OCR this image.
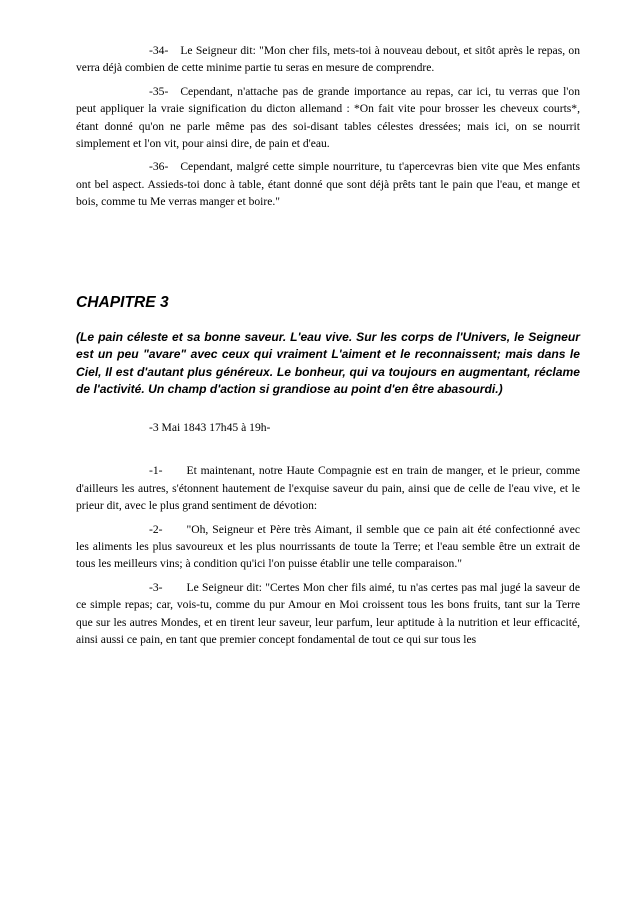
-34- Le Seigneur dit: "Mon cher fils, mets-toi à nouveau debout, et sitôt après le repas, on verra déjà combien de cette minime partie tu seras en mesure de comprendre.

-35- Cependant, n'attache pas de grande importance au repas, car ici, tu verras que l'on peut appliquer la vraie signification du dicton allemand : *On fait vite pour brosser les cheveux courts*, étant donné qu'on ne parle même pas des soi-disant tables célestes dressées; mais ici, on se nourrit simplement et l'on vit, pour ainsi dire, de pain et d'eau.

-36- Cependant, malgré cette simple nourriture, tu t'apercevras bien vite que Mes enfants ont bel aspect. Assieds-toi donc à table, étant donné que sont déjà prêts tant le pain que l'eau, et mange et bois, comme tu Me verras manger et boire."

CHAPITRE 3

(Le pain céleste et sa bonne saveur. L'eau vive. Sur les corps de l'Univers, le Seigneur est un peu "avare" avec ceux qui vraiment L'aiment et le reconnaissent; mais dans le Ciel, Il est d'autant plus généreux. Le bonheur, qui va toujours en augmentant, réclame de l'activité. Un champ d'action si grandiose au point d'en être abasourdi.)

-3 Mai 1843 17h45 à 19h-

-1- Et maintenant, notre Haute Compagnie est en train de manger, et le prieur, comme d'ailleurs les autres, s'étonnent hautement de l'exquise saveur du pain, ainsi que de celle de l'eau vive, et le prieur dit, avec le plus grand sentiment de dévotion:

-2- "Oh, Seigneur et Père très Aimant, il semble que ce pain ait été confectionné avec les aliments les plus savoureux et les plus nourrissants de toute la Terre; et l'eau semble être un extrait de tous les meilleurs vins; à condition qu'ici l'on puisse établir une telle comparaison."

-3- Le Seigneur dit: "Certes Mon cher fils aimé, tu n'as certes pas mal jugé la saveur de ce simple repas; car, vois-tu, comme du pur Amour en Moi croissent tous les bons fruits, tant sur la Terre que sur les autres Mondes, et en tirent leur saveur, leur parfum, leur aptitude à la nutrition et leur efficacité, ainsi aussi ce pain, en tant que premier concept fondamental de tout ce qui sur tous les
